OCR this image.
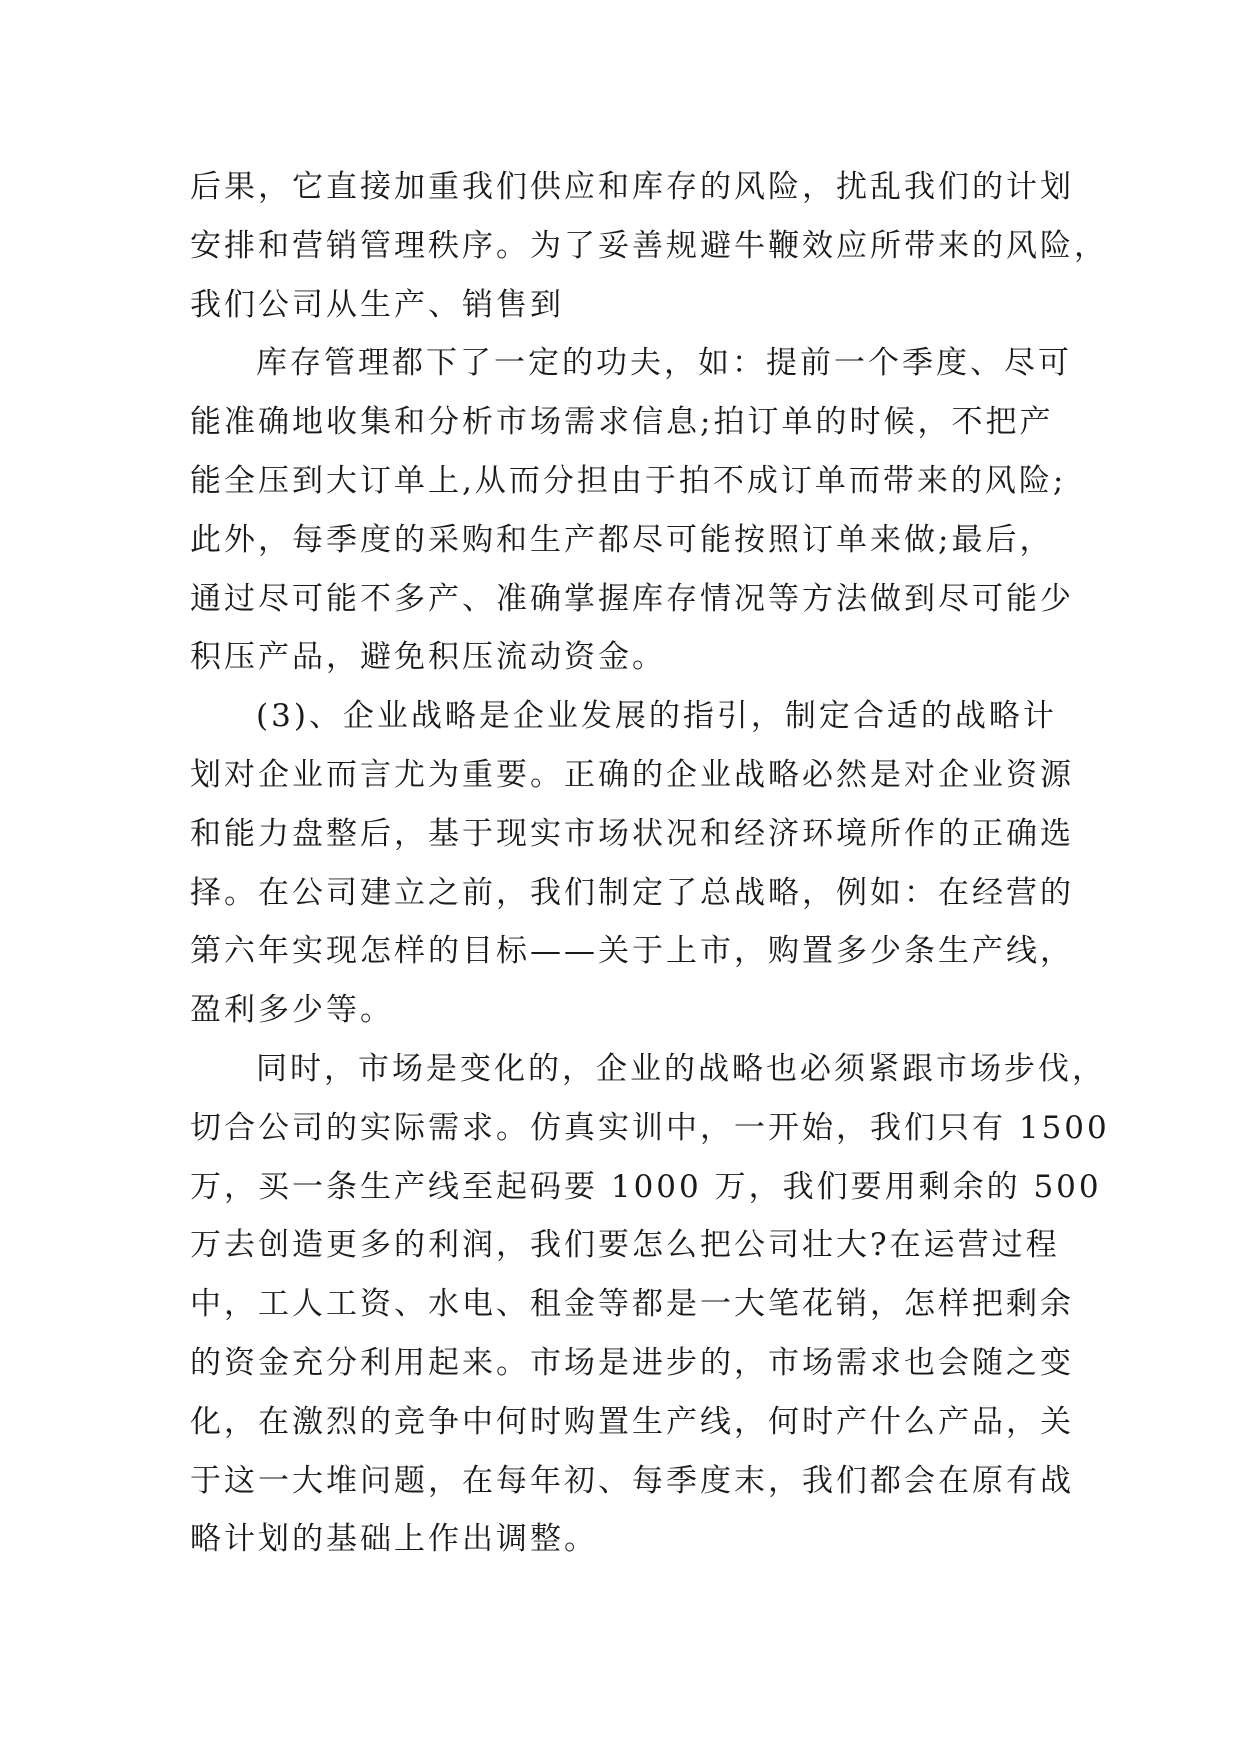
后果，它直接加重我们供应和库存的风险，扰乱我们的计划
安排和营销管理秩序。为了妥善规避牛鞭效应所带来的风险，
我们公司从生产、销售到
库存管理都下了一定的功夫，如：提前一个季度、尽可
能准确地收集和分析市场需求信息;拍订单的时候，不把产
能全压到大订单上,从而分担由于拍不成订单而带来的风险;
此外，每季度的采购和生产都尽可能按照订单来做;最后，
通过尽可能不多产、准确掌握库存情况等方法做到尽可能少
积压产品，避免积压流动资金。
(3)、企业战略是企业发展的指引，制定合适的战略计
划对企业而言尤为重要。正确的企业战略必然是对企业资源
和能力盘整后，基于现实市场状况和经济环境所作的正确选
择。在公司建立之前，我们制定了总战略，例如：在经营的
第六年实现怎样的目标——关于上市，购置多少条生产线，
盈利多少等。
同时，市场是变化的，企业的战略也必须紧跟市场步伐，
切合公司的实际需求。仿真实训中，一开始，我们只有 1500
万，买一条生产线至起码要 1000 万，我们要用剩余的 500
万去创造更多的利润，我们要怎么把公司壮大?在运营过程
中，工人工资、水电、租金等都是一大笔花销，怎样把剩余
的资金充分利用起来。市场是进步的，市场需求也会随之变
化，在激烈的竞争中何时购置生产线，何时产什么产品，关
于这一大堆问题，在每年初、每季度末，我们都会在原有战
略计划的基础上作出调整。
